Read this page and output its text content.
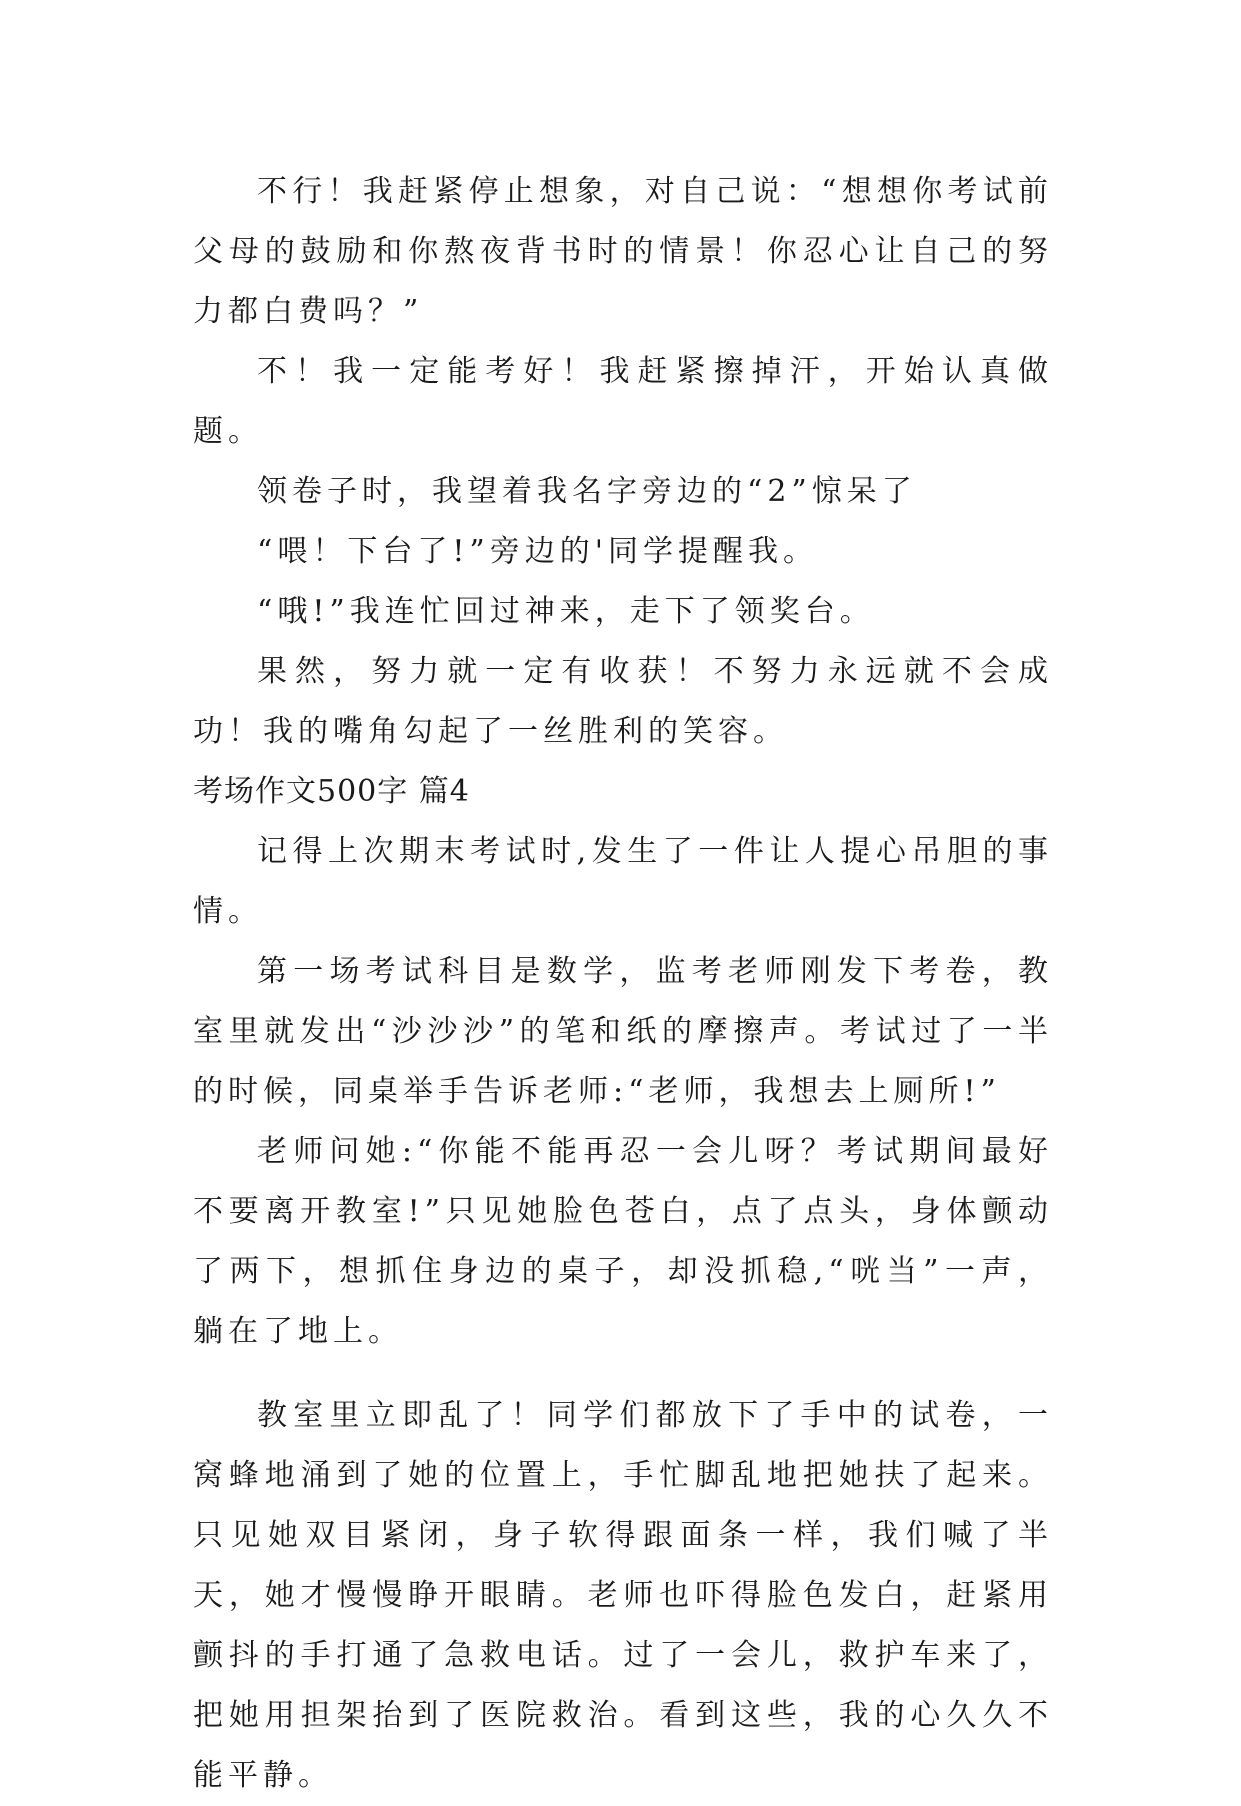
不行！我赶紧停止想象，对自己说：“想想你考试前父母的鼓励和你熬夜背书时的情景！你忍心让自己的努力都白费吗？”

不！我一定能考好！我赶紧擦掉汗，开始认真做题。

领卷子时，我望着我名字旁边的“2”惊呆了

“喂！下台了!”旁边的'同学提醒我。

“哦!”我连忙回过神来，走下了领奖台。

果然，努力就一定有收获！不努力永远就不会成功！我的嘴角勾起了一丝胜利的笑容。

考场作文500字 篇4

记得上次期末考试时,发生了一件让人提心吊胆的事情。

第一场考试科目是数学，监考老师刚发下考卷，教室里就发出“沙沙沙”的笔和纸的摩擦声。考试过了一半的时候，同桌举手告诉老师:“老师，我想去上厕所!”

老师问她:“你能不能再忍一会儿呀？考试期间最好不要离开教室!”只见她脸色苍白，点了点头，身体颤动了两下，想抓住身边的桌子，却没抓稳,“咣当”一声，躺在了地上。

教室里立即乱了！同学们都放下了手中的试卷，一窝蜂地涌到了她的位置上，手忙脚乱地把她扶了起来。只见她双目紧闭，身子软得跟面条一样，我们喊了半天，她才慢慢睁开眼睛。老师也吓得脸色发白，赶紧用颤抖的手打通了急救电话。过了一会儿，救护车来了，把她用担架抬到了医院救治。看到这些，我的心久久不能平静。
